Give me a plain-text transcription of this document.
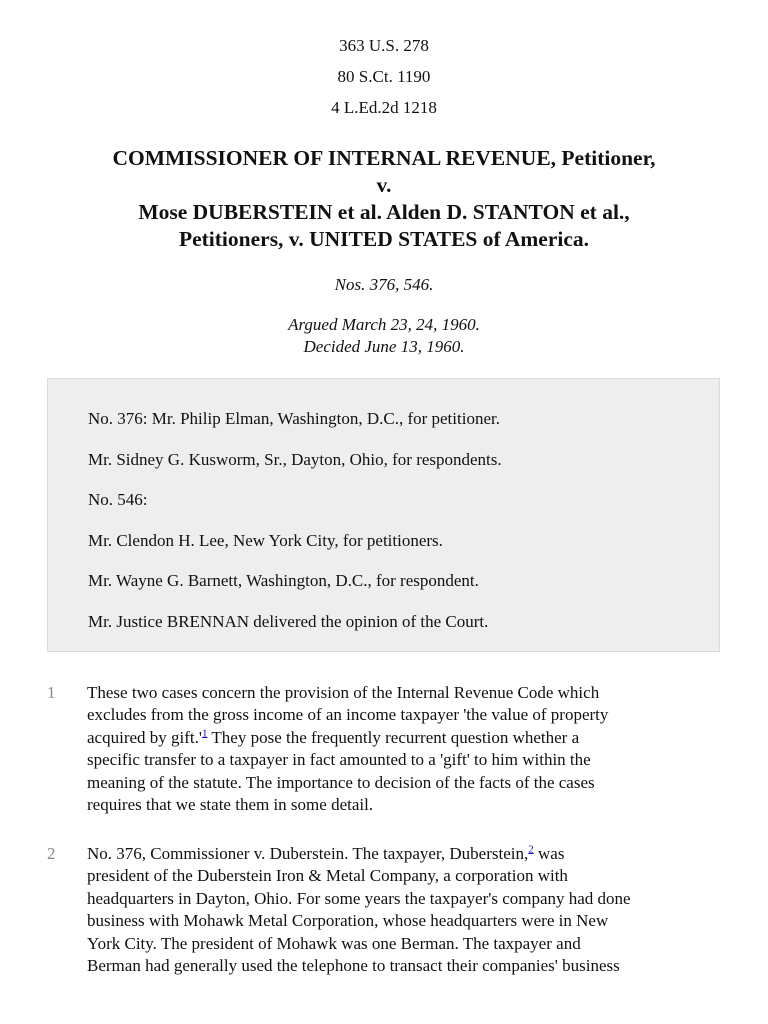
363 U.S. 278
80 S.Ct. 1190
4 L.Ed.2d 1218
COMMISSIONER OF INTERNAL REVENUE, Petitioner,
v.
Mose DUBERSTEIN et al. Alden D. STANTON et al.,
Petitioners, v. UNITED STATES of America.
Nos. 376, 546.
Argued March 23, 24, 1960.
Decided June 13, 1960.

No. 376: Mr. Philip Elman, Washington, D.C., for petitioner.

Mr. Sidney G. Kusworm, Sr., Dayton, Ohio, for respondents.

No. 546:

Mr. Clendon H. Lee, New York City, for petitioners.

Mr. Wayne G. Barnett, Washington, D.C., for respondent.

Mr. Justice BRENNAN delivered the opinion of the Court.

1 These two cases concern the provision of the Internal Revenue Code which
excludes from the gross income of an income taxpayer 'the value of property
acquired by gift.'$^1$ They pose the frequently recurrent question whether a
specific transfer to a taxpayer in fact amounted to a 'gift' to him within the
meaning of the statute. The importance to decision of the facts of the cases
requires that we state them in some detail.
2 No. 376, Commissioner v. Duberstein. The taxpayer, Duberstein,$^2$ was
president of the Duberstein Iron & Metal Company, a corporation with
headquarters in Dayton, Ohio. For some years the taxpayer's company had done
business with Mohawk Metal Corporation, whose headquarters were in New
York City. The president of Mohawk was one Berman. The taxpayer and
Berman had generally used the telephone to transact their companies' business
